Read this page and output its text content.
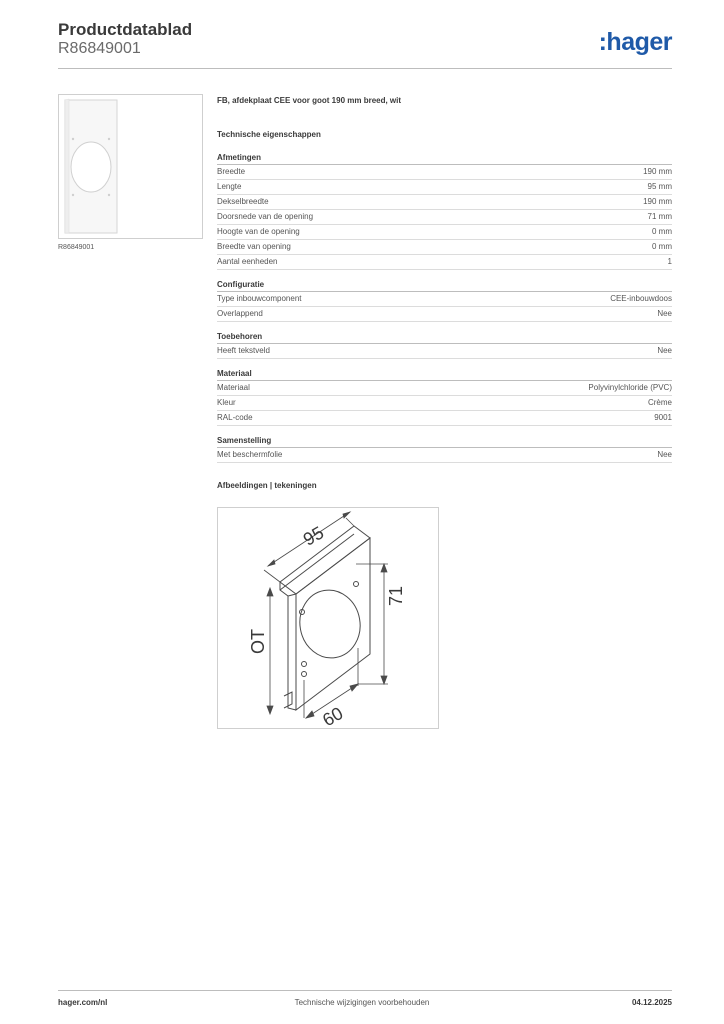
Productdatablad
R86849001	:hager
R86849001
FB, afdekplaat CEE voor goot 190 mm breed, wit
Technische eigenschappen
Afmetingen
Breedte	190 mm
Lengte	95 mm
Dekselbreedte	190 mm
Doorsnede van de opening	71 mm
Hoogte van de opening	0 mm
Breedte van opening	0 mm
Aantal eenheden	1
Configuratie
Type inbouwcomponent	CEE-inbouwdoos
Overlappend	Nee
Toebehoren
Heeft tekstveld	Nee
Materiaal
Materiaal	Polyvinylchloride (PVC)
Kleur	Crème
RAL-code	9001
Samenstelling
Met beschermfolie	Nee
Afbeeldingen | tekeningen
95
71
OT
60
hager.com/nl	Technische wijzigingen voorbehouden	04.12.2025
